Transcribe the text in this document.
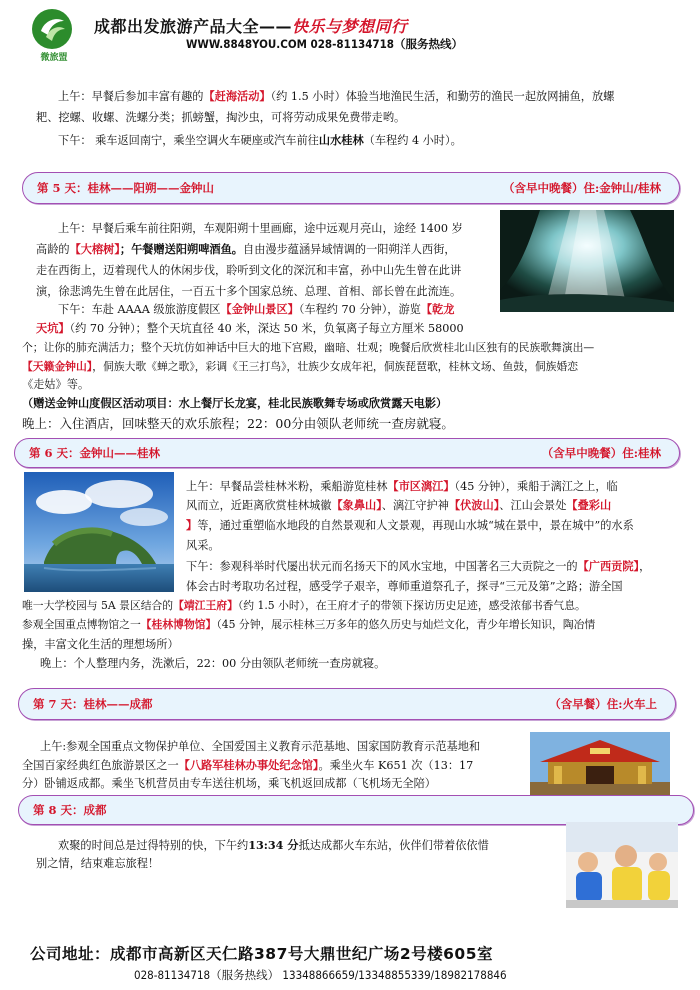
微旅盟
成都出发旅游产品大全——快乐与梦想同行
WWW.8848YOU.COM 028-81134718（服务热线）
上午：早餐后参加丰富有趣的【赶海活动】（约 1.5 小时）体验当地渔民生活，和勤劳的渔民一起放网捕鱼，放螺
耙、挖螺、收螺、洗螺分类；抓螃蟹，掏沙虫，可将劳动成果免费带走哟。
下午： 乘车返回南宁，乘坐空调火车硬座或汽车前往山水桂林（车程约 4 小时）。
第 5 天：桂林——阳朔——金钟山	（含早中晚餐）住:金钟山/桂林
上午：早餐后乘车前往阳朔，车观阳朔十里画廊，途中远观月亮山，途经 1400 岁
高龄的【大榕树】；午餐赠送阳朔啤酒鱼。自由漫步蕴涵异域情调的一阳朔洋人西街，
走在西街上，迈着现代人的休闲步伐，聆听到文化的深沉和丰富，孙中山先生曾在此讲
演，徐悲鸿先生曾在此居住，一百五十多个国家总统、总理、首相、部长曾在此流连。
下午：车赴 AAAA 级旅游度假区【金钟山景区】（车程约 70 分钟），游览【乾龙
天坑】（约 70 分钟）；整个天坑直径 40 米，深达 50 米，负氧离子每立方厘米 58000
个；让你的肺充满活力；整个天坑仿如神话中巨大的地下宫殿，幽暗、壮观；晚餐后欣赏桂北山区独有的民族歌舞演出—
【天籁金钟山】，侗族大歌《蝉之歌》，彩调《王三打鸟》，壮族少女成年祀，侗族琵琶歌，桂林文场、鱼鼓，侗族婚恋
《走姑》等。
（赠送金钟山度假区活动项目：水上餐厅长龙宴，桂北民族歌舞专场或欣赏露天电影）
晚上：入住酒店，回味整天的欢乐旅程；22：00分由领队老师统一查房就寝。
第 6 天：金钟山——桂林	（含早中晚餐）住:桂林
上午：早餐品尝桂林米粉，乘船游览桂林【市区漓江】（45 分钟），乘船于漓江之上，临
风而立，近距离欣赏桂林城徽【象鼻山】、漓江守护神【伏波山】、江山会景处【叠彩山
】等，通过重塑临水地段的自然景观和人文景观，再现山水城“城在景中，景在城中”的水系
风采。
下午：参观科举时代屡出状元而名扬天下的风水宝地，中国著名三大贡院之一的【广西贡院】，
体会古时考取功名过程，感受学子艰辛，尊师重道祭孔子，探寻“三元及第”之路；游全国
唯一大学校园与 5A 景区结合的【靖江王府】（约 1.5 小时），在王府才子的带领下探访历史足迹，感受浓郁书香气息。
参观全国重点博物馆之一【桂林博物馆】（45 分钟，展示桂林三万多年的悠久历史与灿烂文化，青少年增长知识，陶冶情
操，丰富文化生活的理想场所）
晚上：个人整理内务，洗漱后，22：00 分由领队老师统一查房就寝。
第 7 天：桂林——成都	（含早餐）住:火车上
上午:参观全国重点文物保护单位、全国爱国主义教育示范基地、国家国防教育示范基地和
全国百家经典红色旅游景区之一【八路军桂林办事处纪念馆】。乘坐火车 K651 次（13：17
分）卧铺返成都。乘坐飞机营员由专车送往机场，乘飞机返回成都（飞机场无全陪）
第 8 天：成都
欢聚的时间总是过得特别的快，下午约13:34 分抵达成都火车东站，伙伴们带着依依惜
别之情，结束难忘旅程！
公司地址：成都市高新区天仁路387号大鼎世纪广场2号楼605室
028-81134718（服务热线） 13348866659/13348855339/18982178846
